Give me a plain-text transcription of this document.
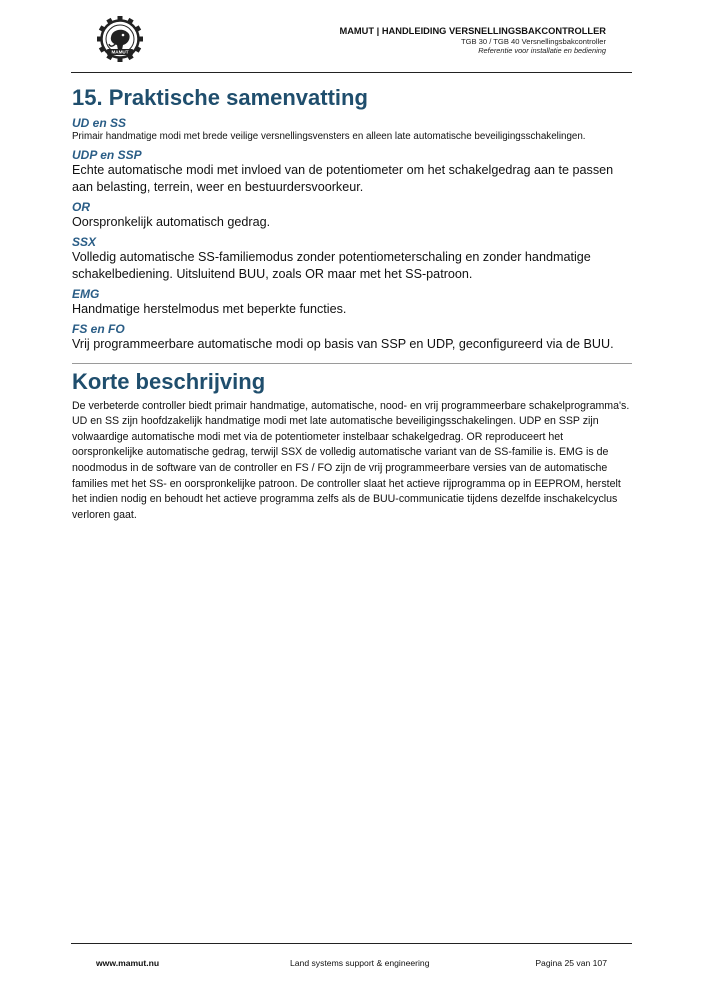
MAMUT
MAMUT | HANDLEIDING VERSNELLINGSBAKCONTROLLER
TGB 30 / TGB 40 Versnellingsbakcontroller
Referentie voor installatie en bediening
15. Praktische samenvatting
UD en SS
Primair handmatige modi met brede veilige versnellingsvensters en alleen late automatische beveiligingsschakelingen.
UDP en SSP
Echte automatische modi met invloed van de potentiometer om het schakelgedrag aan te passen aan belasting, terrein, weer en bestuurdersvoorkeur.
OR
Oorspronkelijk automatisch gedrag.
SSX
Volledig automatische SS-familiemodus zonder potentiometerschaling en zonder handmatige schakelbediening. Uitsluitend BUU, zoals OR maar met het SS-patroon.
EMG
Handmatige herstelmodus met beperkte functies.
FS en FO
Vrij programmeerbare automatische modi op basis van SSP en UDP, geconfigureerd via de BUU.
Korte beschrijving
De verbeterde controller biedt primair handmatige, automatische, nood- en vrij programmeerbare schakelprogramma's. UD en SS zijn hoofdzakelijk handmatige modi met late automatische beveiligingsschakelingen. UDP en SSP zijn volwaardige automatische modi met via de potentiometer instelbaar schakelgedrag. OR reproduceert het oorspronkelijke automatische gedrag, terwijl SSX de volledig automatische variant van de SS-familie is. EMG is de noodmodus in de software van de controller en FS / FO zijn de vrij programmeerbare versies van de automatische families met het SS- en oorspronkelijke patroon. De controller slaat het actieve rijprogramma op in EEPROM, herstelt het indien nodig en behoudt het actieve programma zelfs als de BUU-communicatie tijdens dezelfde inschakelcyclus verloren gaat.
www.mamut.nu	Land systems support & engineering	Pagina 25 van 107
